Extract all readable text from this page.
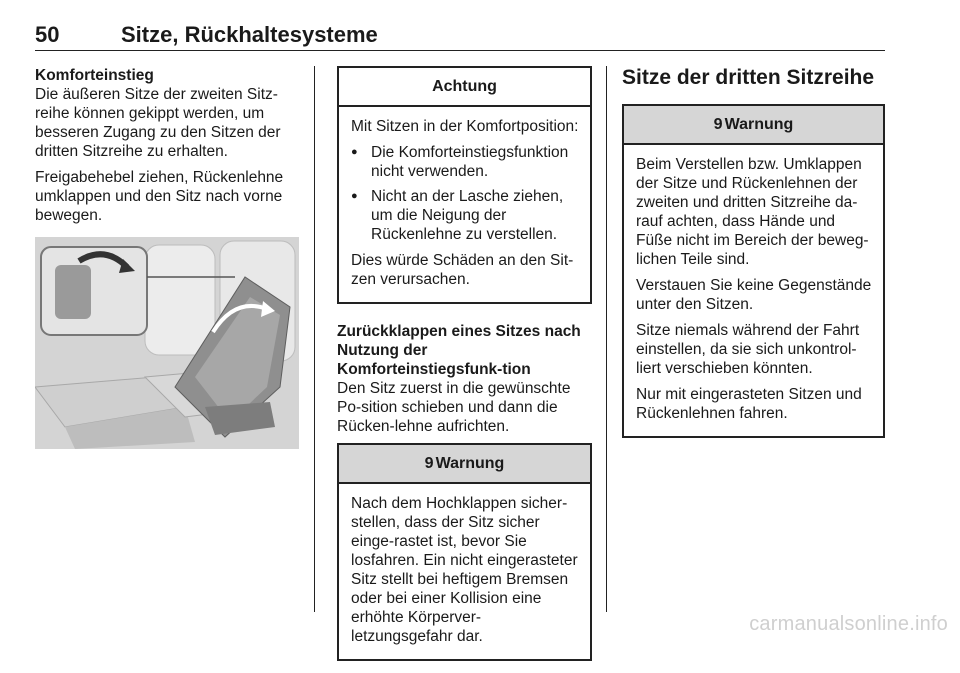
50	Sitze, Rückhaltesysteme
Komforteinstieg

Die äußeren Sitze der zweiten Sitz-reihe können gekippt werden, um besseren Zugang zu den Sitzen der dritten Sitzreihe zu erhalten.

Freigabehebel ziehen, Rückenlehne umklappen und den Sitz nach vorne bewegen.

Achtung

Mit Sitzen in der Komfortposition:

● Die Komforteinstiegsfunktion nicht verwenden.
● Nicht an der Lasche ziehen, um die Neigung der Rückenlehne zu verstellen.

Dies würde Schäden an den Sit-zen verursachen.

Zurückklappen eines Sitzes nach Nutzung der Komforteinstiegsfunk-tion

Den Sitz zuerst in die gewünschte Po-sition schieben und dann die Rücken-lehne aufrichten.

9 Warnung

Nach dem Hochklappen sicher-stellen, dass der Sitz sicher einge-rastet ist, bevor Sie losfahren. Ein nicht eingerasteter Sitz stellt bei heftigem Bremsen oder bei einer Kollision eine erhöhte Körperver-letzungsgefahr dar.

Sitze der dritten Sitzreihe
9 Warnung

Beim Verstellen bzw. Umklappen der Sitze und Rückenlehnen der zweiten und dritten Sitzreihe da-rauf achten, dass Hände und Füße nicht im Bereich der beweg-lichen Teile sind.

Verstauen Sie keine Gegenstände unter den Sitzen.

Sitze niemals während der Fahrt einstellen, da sie sich unkontrol-liert verschieben könnten.

Nur mit eingerasteten Sitzen und Rückenlehnen fahren.

carmanualsonline.info
